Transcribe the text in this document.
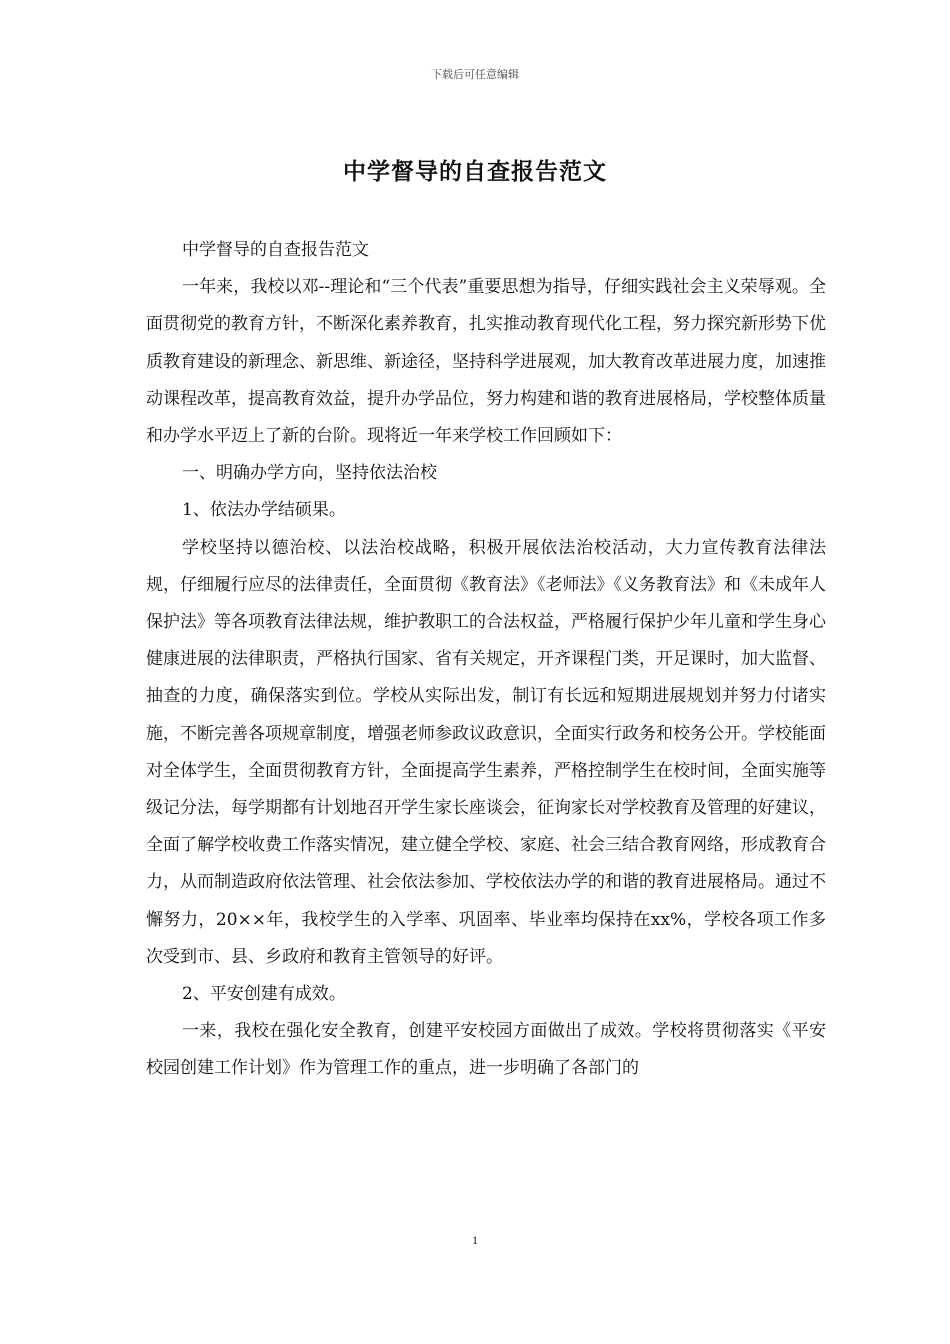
下载后可任意编辑
中学督导的自查报告范文

中学督导的自查报告范文

一年来，我校以邓--理论和“三个代表”重要思想为指导，仔细实践社会主义荣辱观。全面贯彻党的教育方针，不断深化素养教育，扎实推动教育现代化工程，努力探究新形势下优质教育建设的新理念、新思维、新途径，坚持科学进展观，加大教育改革进展力度，加速推动课程改革，提高教育效益，提升办学品位，努力构建和谐的教育进展格局，学校整体质量和办学水平迈上了新的台阶。现将近一年来学校工作回顾如下：

一、明确办学方向，坚持依法治校

1、依法办学结硕果。

学校坚持以德治校、以法治校战略，积极开展依法治校活动，大力宣传教育法律法规，仔细履行应尽的法律责任，全面贯彻《教育法》《老师法》《义务教育法》和《未成年人保护法》等各项教育法律法规，维护教职工的合法权益，严格履行保护少年儿童和学生身心健康进展的法律职责，严格执行国家、省有关规定，开齐课程门类，开足课时，加大监督、抽查的力度，确保落实到位。学校从实际出发，制订有长远和短期进展规划并努力付诸实施，不断完善各项规章制度，增强老师参政议政意识，全面实行政务和校务公开。学校能面对全体学生，全面贯彻教育方针，全面提高学生素养，严格控制学生在校时间，全面实施等级记分法，每学期都有计划地召开学生家长座谈会，征询家长对学校教育及管理的好建议，全面了解学校收费工作落实情况，建立健全学校、家庭、社会三结合教育网络，形成教育合力，从而制造政府依法管理、社会依法参加、学校依法办学的和谐的教育进展格局。通过不懈努力，20××年，我校学生的入学率、巩固率、毕业率均保持在xx%，学校各项工作多次受到市、县、乡政府和教育主管领导的好评。

2、平安创建有成效。

一来，我校在强化安全教育，创建平安校园方面做出了成效。学校将贯彻落实《平安校园创建工作计划》作为管理工作的重点，进一步明确了各部门的

1
